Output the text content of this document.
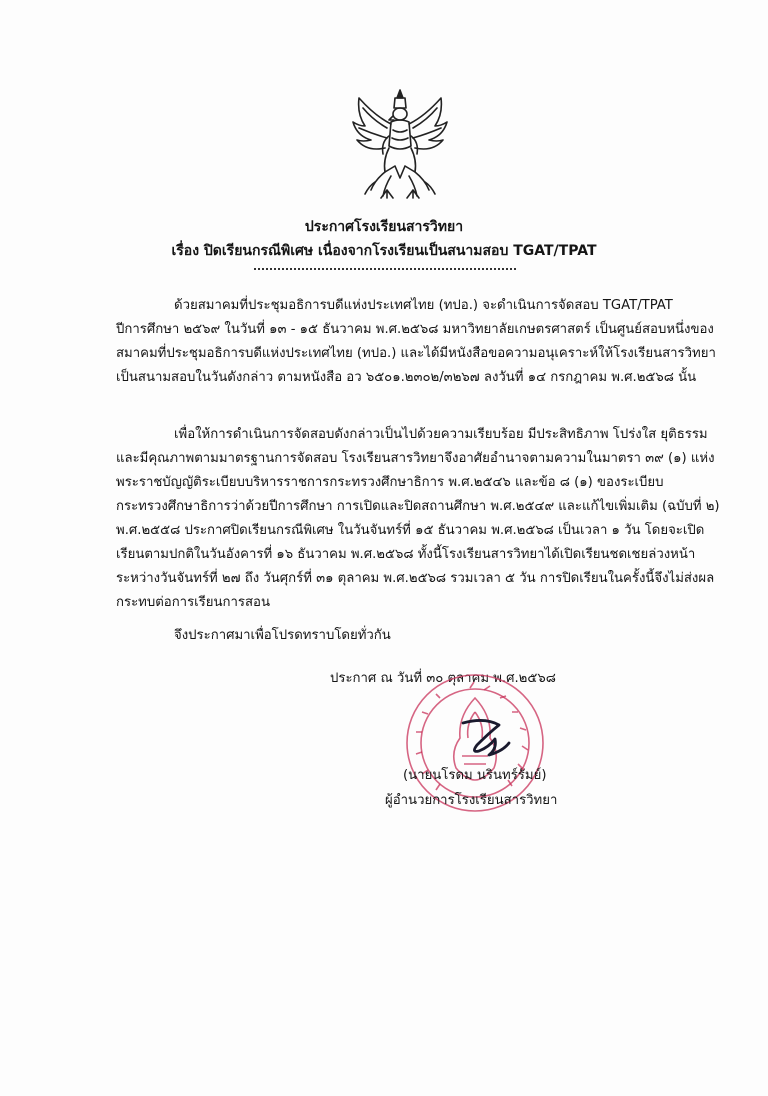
ประกาศโรงเรียนสารวิทยา
เรื่อง ปิดเรียนกรณีพิเศษ เนื่องจากโรงเรียนเป็นสนามสอบ TGAT/TPAT
ด้วยสมาคมที่ประชุมอธิการบดีแห่งประเทศไทย (ทปอ.) จะดำเนินการจัดสอบ TGAT/TPAT
ปีการศึกษา ๒๕๖๙ ในวันที่ ๑๓ - ๑๕ ธันวาคม พ.ศ.๒๕๖๘ มหาวิทยาลัยเกษตรศาสตร์ เป็นศูนย์สอบหนึ่งของ
สมาคมที่ประชุมอธิการบดีแห่งประเทศไทย (ทปอ.) และได้มีหนังสือขอความอนุเคราะห์ให้โรงเรียนสารวิทยา
เป็นสนามสอบในวันดังกล่าว ตามหนังสือ อว ๖๕๐๑.๒๓๐๒/๓๒๖๗ ลงวันที่ ๑๔ กรกฎาคม พ.ศ.๒๕๖๘ นั้น
เพื่อให้การดำเนินการจัดสอบดังกล่าวเป็นไปด้วยความเรียบร้อย มีประสิทธิภาพ โปร่งใส ยุติธรรม
และมีคุณภาพตามมาตรฐานการจัดสอบ โรงเรียนสารวิทยาจึงอาศัยอำนาจตามความในมาตรา ๓๙ (๑) แห่ง
พระราชบัญญัติระเบียบบริหารราชการกระทรวงศึกษาธิการ พ.ศ.๒๕๔๖ และข้อ ๘ (๑) ของระเบียบ
กระทรวงศึกษาธิการว่าด้วยปีการศึกษา การเปิดและปิดสถานศึกษา พ.ศ.๒๕๔๙ และแก้ไขเพิ่มเติม (ฉบับที่ ๒)
พ.ศ.๒๕๕๘ ประกาศปิดเรียนกรณีพิเศษ ในวันจันทร์ที่ ๑๕ ธันวาคม พ.ศ.๒๕๖๘ เป็นเวลา ๑ วัน โดยจะเปิด
เรียนตามปกติในวันอังคารที่ ๑๖ ธันวาคม พ.ศ.๒๕๖๘ ทั้งนี้โรงเรียนสารวิทยาได้เปิดเรียนชดเชยล่วงหน้า
ระหว่างวันจันทร์ที่ ๒๗ ถึง วันศุกร์ที่ ๓๑ ตุลาคม พ.ศ.๒๕๖๘ รวมเวลา ๕ วัน การปิดเรียนในครั้งนี้จึงไม่ส่งผล
กระทบต่อการเรียนการสอน
จึงประกาศมาเพื่อโปรดทราบโดยทั่วกัน
ประกาศ ณ วันที่ ๓๐ ตุลาคม พ.ศ.๒๕๖๘
(นายนโรดม นรินทร์รัมย์)
ผู้อำนวยการโรงเรียนสารวิทยา
